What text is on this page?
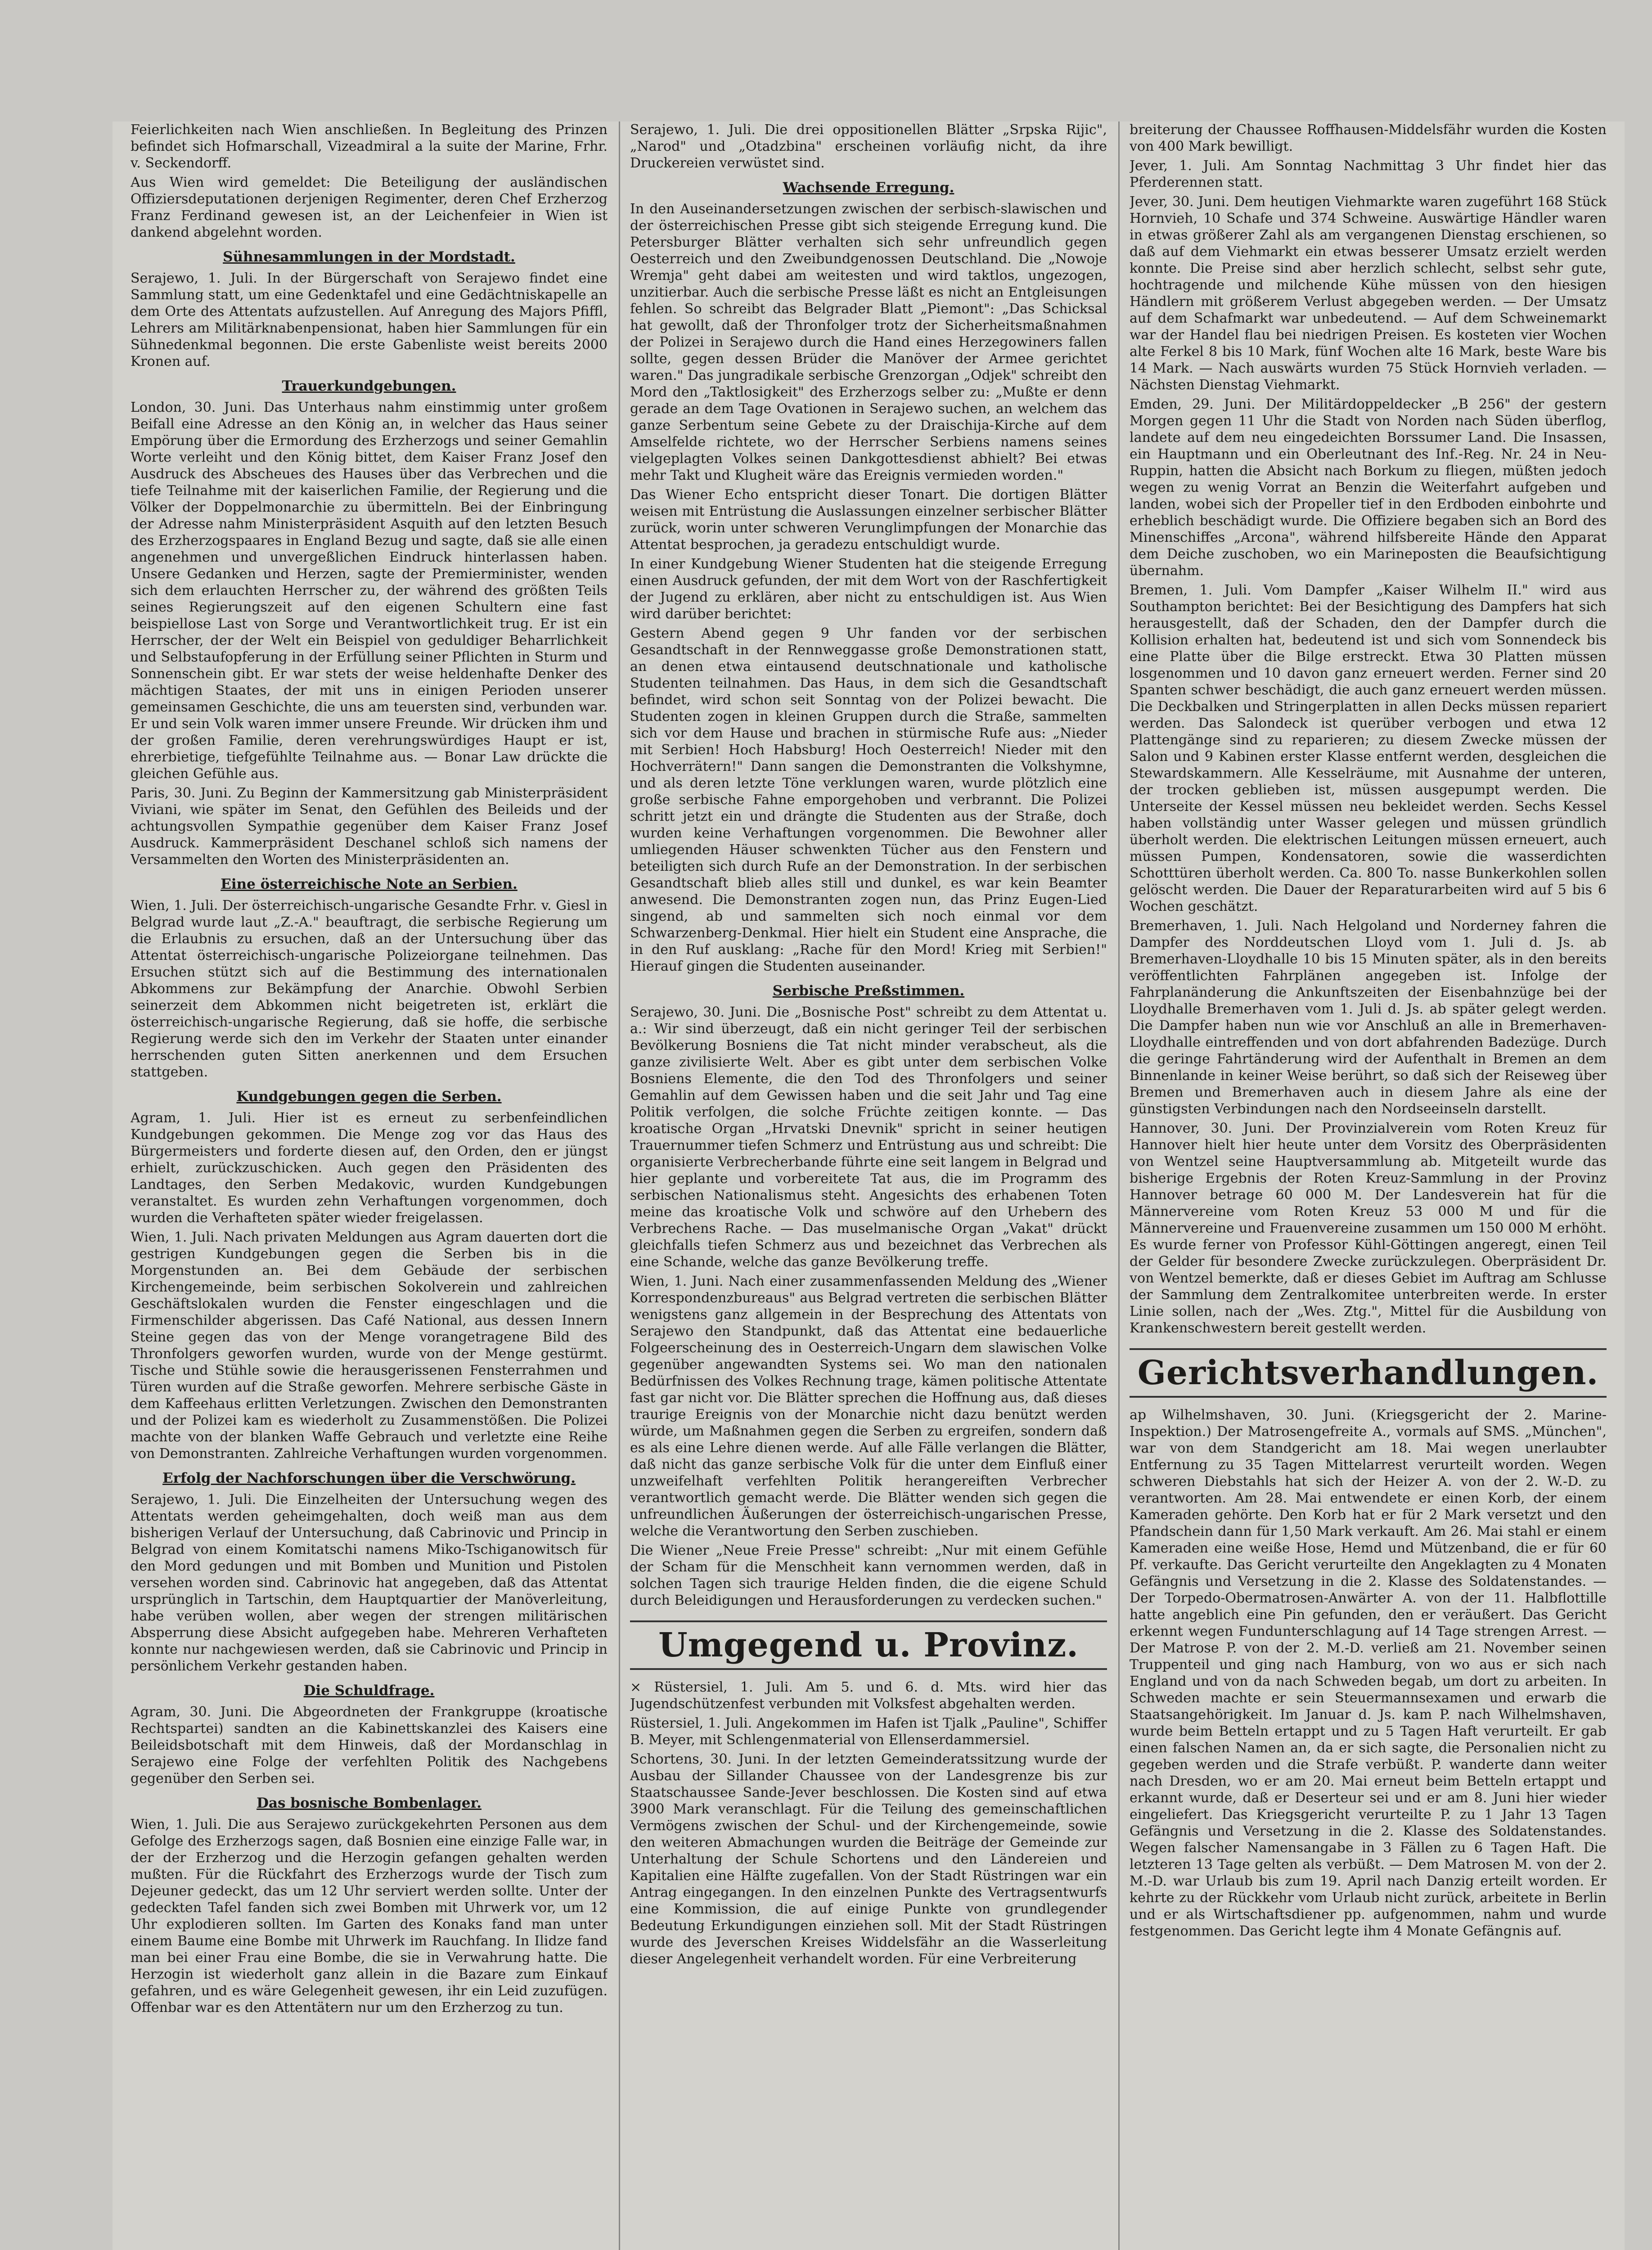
Feierlichkeiten nach Wien anschließen. In Begleitung des Prinzen befindet sich Hofmarschall, Vizeadmiral a la suite der Marine, Frhr. v. Seckendorff.

Aus Wien wird gemeldet: Die Beteiligung der ausländischen Offiziersdeputationen derjenigen Regimenter, deren Chef Erzherzog Franz Ferdinand gewesen ist, an der Leichenfeier in Wien ist dankend abgelehnt worden.

Sühnesammlungen in der Mordstadt.

Serajewo, 1. Juli. In der Bürgerschaft von Serajewo findet eine Sammlung statt, um eine Gedenktafel und eine Gedächtniskapelle an dem Orte des Attentats aufzustellen. Auf Anregung des Majors Pfiffl, Lehrers am Militärknabenpensionat, haben hier Sammlungen für ein Sühnedenkmal begonnen. Die erste Gabenliste weist bereits 2000 Kronen auf.

Trauerkundgebungen.

London, 30. Juni. Das Unterhaus nahm einstimmig unter großem Beifall eine Adresse an den König an, in welcher das Haus seiner Empörung über die Ermordung des Erzherzogs und seiner Gemahlin Worte verleiht und den König bittet, dem Kaiser Franz Josef den Ausdruck des Abscheues des Hauses über das Verbrechen und die tiefe Teilnahme mit der kaiserlichen Familie, der Regierung und die Völker der Doppelmonarchie zu übermitteln. Bei der Einbringung der Adresse nahm Ministerpräsident Asquith auf den letzten Besuch des Erzherzogspaares in England Bezug und sagte, daß sie alle einen angenehmen und unvergeßlichen Eindruck hinterlassen haben. Unsere Gedanken und Herzen, sagte der Premierminister, wenden sich dem erlauchten Herrscher zu, der während des größten Teils seines Regierungszeit auf den eigenen Schultern eine fast beispiellose Last von Sorge und Verantwortlichkeit trug. Er ist ein Herrscher, der der Welt ein Beispiel von geduldiger Beharrlichkeit und Selbstaufopferung in der Erfüllung seiner Pflichten in Sturm und Sonnenschein gibt. Er war stets der weise heldenhafte Denker des mächtigen Staates, der mit uns in einigen Perioden unserer gemeinsamen Geschichte, die uns am teuersten sind, verbunden war. Er und sein Volk waren immer unsere Freunde. Wir drücken ihm und der großen Familie, deren verehrungswürdiges Haupt er ist, ehrerbietige, tiefgefühlte Teilnahme aus. — Bonar Law drückte die gleichen Gefühle aus.

Paris, 30. Juni. Zu Beginn der Kammersitzung gab Ministerpräsident Viviani, wie später im Senat, den Gefühlen des Beileids und der achtungsvollen Sympathie gegenüber dem Kaiser Franz Josef Ausdruck. Kammerpräsident Deschanel schloß sich namens der Versammelten den Worten des Ministerpräsidenten an.

Eine österreichische Note an Serbien.

Wien, 1. Juli. Der österreichisch-ungarische Gesandte Frhr. v. Giesl in Belgrad wurde laut „Z.-A." beauftragt, die serbische Regierung um die Erlaubnis zu ersuchen, daß an der Untersuchung über das Attentat österreichisch-ungarische Polizeiorgane teilnehmen. Das Ersuchen stützt sich auf die Bestimmung des internationalen Abkommens zur Bekämpfung der Anarchie. Obwohl Serbien seinerzeit dem Abkommen nicht beigetreten ist, erklärt die österreichisch-ungarische Regierung, daß sie hoffe, die serbische Regierung werde sich den im Verkehr der Staaten unter einander herrschenden guten Sitten anerkennen und dem Ersuchen stattgeben.

Kundgebungen gegen die Serben.

Agram, 1. Juli. Hier ist es erneut zu serbenfeindlichen Kundgebungen gekommen. Die Menge zog vor das Haus des Bürgermeisters und forderte diesen auf, den Orden, den er jüngst erhielt, zurückzuschicken. Auch gegen den Präsidenten des Landtages, den Serben Medakovic, wurden Kundgebungen veranstaltet. Es wurden zehn Verhaftungen vorgenommen, doch wurden die Verhafteten später wieder freigelassen.

Wien, 1. Juli. Nach privaten Meldungen aus Agram dauerten dort die gestrigen Kundgebungen gegen die Serben bis in die Morgenstunden an. Bei dem Gebäude der serbischen Kirchengemeinde, beim serbischen Sokolverein und zahlreichen Geschäftslokalen wurden die Fenster eingeschlagen und die Firmenschilder abgerissen. Das Café National, aus dessen Innern Steine gegen das von der Menge vorangetragene Bild des Thronfolgers geworfen wurden, wurde von der Menge gestürmt. Tische und Stühle sowie die herausgerissenen Fensterrahmen und Türen wurden auf die Straße geworfen. Mehrere serbische Gäste in dem Kaffeehaus erlitten Verletzungen. Zwischen den Demonstranten und der Polizei kam es wiederholt zu Zusammenstößen. Die Polizei machte von der blanken Waffe Gebrauch und verletzte eine Reihe von Demonstranten. Zahlreiche Verhaftungen wurden vorgenommen.

Erfolg der Nachforschungen über die Verschwörung.

Serajewo, 1. Juli. Die Einzelheiten der Untersuchung wegen des Attentats werden geheimgehalten, doch weiß man aus dem bisherigen Verlauf der Untersuchung, daß Cabrinovic und Princip in Belgrad von einem Komitatschi namens Miko-Tschiganowitsch für den Mord gedungen und mit Bomben und Munition und Pistolen versehen worden sind. Cabrinovic hat angegeben, daß das Attentat ursprünglich in Tartschin, dem Hauptquartier der Manöverleitung, habe verüben wollen, aber wegen der strengen militärischen Absperrung diese Absicht aufgegeben habe. Mehreren Verhafteten konnte nur nachgewiesen werden, daß sie Cabrinovic und Princip in persönlichem Verkehr gestanden haben.

Die Schuldfrage.

Agram, 30. Juni. Die Abgeordneten der Frankgruppe (kroatische Rechtspartei) sandten an die Kabinettskanzlei des Kaisers eine Beileidsbotschaft mit dem Hinweis, daß der Mordanschlag in Serajewo eine Folge der verfehlten Politik des Nachgebens gegenüber den Serben sei.

Das bosnische Bombenlager.

Wien, 1. Juli. Die aus Serajewo zurückgekehrten Personen aus dem Gefolge des Erzherzogs sagen, daß Bosnien eine einzige Falle war, in der der Erzherzog und die Herzogin gefangen gehalten werden mußten. Für die Rückfahrt des Erzherzogs wurde der Tisch zum Dejeuner gedeckt, das um 12 Uhr serviert werden sollte. Unter der gedeckten Tafel fanden sich zwei Bomben mit Uhrwerk vor, um 12 Uhr explodieren sollten. Im Garten des Konaks fand man unter einem Baume eine Bombe mit Uhrwerk im Rauchfang. In Ilidze fand man bei einer Frau eine Bombe, die sie in Verwahrung hatte. Die Herzogin ist wiederholt ganz allein in die Bazare zum Einkauf gefahren, und es wäre Gelegenheit gewesen, ihr ein Leid zuzufügen. Offenbar war es den Attentätern nur um den Erzherzog zu tun.

Serajewo, 1. Juli. Die drei oppositionellen Blätter „Srpska Rijic", „Narod" und „Otadzbina" erscheinen vorläufig nicht, da ihre Druckereien verwüstet sind.

Wachsende Erregung.

In den Auseinandersetzungen zwischen der serbisch-slawischen und der österreichischen Presse gibt sich steigende Erregung kund. Die Petersburger Blätter verhalten sich sehr unfreundlich gegen Oesterreich und den Zweibundgenossen Deutschland. Die „Nowoje Wremja" geht dabei am weitesten und wird taktlos, ungezogen, unzitierbar. Auch die serbische Presse läßt es nicht an Entgleisungen fehlen. So schreibt das Belgrader Blatt „Piemont": „Das Schicksal hat gewollt, daß der Thronfolger trotz der Sicherheitsmaßnahmen der Polizei in Serajewo durch die Hand eines Herzegowiners fallen sollte, gegen dessen Brüder die Manöver der Armee gerichtet waren." Das jungradikale serbische Grenzorgan „Odjek" schreibt den Mord den „Taktlosigkeit" des Erzherzogs selber zu: „Mußte er denn gerade an dem Tage Ovationen in Serajewo suchen, an welchem das ganze Serbentum seine Gebete zu der Draischija-Kirche auf dem Amselfelde richtete, wo der Herrscher Serbiens namens seines vielgeplagten Volkes seinen Dankgottesdienst abhielt? Bei etwas mehr Takt und Klugheit wäre das Ereignis vermieden worden."

Das Wiener Echo entspricht dieser Tonart. Die dortigen Blätter weisen mit Entrüstung die Auslassungen einzelner serbischer Blätter zurück, worin unter schweren Verunglimpfungen der Monarchie das Attentat besprochen, ja geradezu entschuldigt wurde.

In einer Kundgebung Wiener Studenten hat die steigende Erregung einen Ausdruck gefunden, der mit dem Wort von der Raschfertigkeit der Jugend zu erklären, aber nicht zu entschuldigen ist. Aus Wien wird darüber berichtet:

Gestern Abend gegen 9 Uhr fanden vor der serbischen Gesandtschaft in der Rennweggasse große Demonstrationen statt, an denen etwa eintausend deutschnationale und katholische Studenten teilnahmen. Das Haus, in dem sich die Gesandtschaft befindet, wird schon seit Sonntag von der Polizei bewacht. Die Studenten zogen in kleinen Gruppen durch die Straße, sammelten sich vor dem Hause und brachen in stürmische Rufe aus: „Nieder mit Serbien! Hoch Habsburg! Hoch Oesterreich! Nieder mit den Hochverrätern!" Dann sangen die Demonstranten die Volkshymne, und als deren letzte Töne verklungen waren, wurde plötzlich eine große serbische Fahne emporgehoben und verbrannt. Die Polizei schritt jetzt ein und drängte die Studenten aus der Straße, doch wurden keine Verhaftungen vorgenommen. Die Bewohner aller umliegenden Häuser schwenkten Tücher aus den Fenstern und beteiligten sich durch Rufe an der Demonstration. In der serbischen Gesandtschaft blieb alles still und dunkel, es war kein Beamter anwesend. Die Demonstranten zogen nun, das Prinz Eugen-Lied singend, ab und sammelten sich noch einmal vor dem Schwarzenberg-Denkmal. Hier hielt ein Student eine Ansprache, die in den Ruf ausklang: „Rache für den Mord! Krieg mit Serbien!" Hierauf gingen die Studenten auseinander.

Serbische Preßstimmen.

Serajewo, 30. Juni. Die „Bosnische Post" schreibt zu dem Attentat u. a.: Wir sind überzeugt, daß ein nicht geringer Teil der serbischen Bevölkerung Bosniens die Tat nicht minder verabscheut, als die ganze zivilisierte Welt. Aber es gibt unter dem serbischen Volke Bosniens Elemente, die den Tod des Thronfolgers und seiner Gemahlin auf dem Gewissen haben und die seit Jahr und Tag eine Politik verfolgen, die solche Früchte zeitigen konnte. — Das kroatische Organ „Hrvatski Dnevnik" spricht in seiner heutigen Trauernummer tiefen Schmerz und Entrüstung aus und schreibt: Die organisierte Verbrecherbande führte eine seit langem in Belgrad und hier geplante und vorbereitete Tat aus, die im Programm des serbischen Nationalismus steht. Angesichts des erhabenen Toten meine das kroatische Volk und schwöre auf den Urhebern des Verbrechens Rache. — Das muselmanische Organ „Vakat" drückt gleichfalls tiefen Schmerz aus und bezeichnet das Verbrechen als eine Schande, welche das ganze Bevölkerung treffe.

Wien, 1. Juni. Nach einer zusammenfassenden Meldung des „Wiener Korrespondenzbureaus" aus Belgrad vertreten die serbischen Blätter wenigstens ganz allgemein in der Besprechung des Attentats von Serajewo den Standpunkt, daß das Attentat eine bedauerliche Folgeerscheinung des in Oesterreich-Ungarn dem slawischen Volke gegenüber angewandten Systems sei. Wo man den nationalen Bedürfnissen des Volkes Rechnung trage, kämen politische Attentate fast gar nicht vor. Die Blätter sprechen die Hoffnung aus, daß dieses traurige Ereignis von der Monarchie nicht dazu benützt werden würde, um Maßnahmen gegen die Serben zu ergreifen, sondern daß es als eine Lehre dienen werde. Auf alle Fälle verlangen die Blätter, daß nicht das ganze serbische Volk für die unter dem Einfluß einer unzweifelhaft verfehlten Politik herangereiften Verbrecher verantwortlich gemacht werde. Die Blätter wenden sich gegen die unfreundlichen Äußerungen der österreichisch-ungarischen Presse, welche die Verantwortung den Serben zuschieben.

Die Wiener „Neue Freie Presse" schreibt: „Nur mit einem Gefühle der Scham für die Menschheit kann vernommen werden, daß in solchen Tagen sich traurige Helden finden, die die eigene Schuld durch Beleidigungen und Herausforderungen zu verdecken suchen."

Umgegend u. Provinz.

× Rüstersiel, 1. Juli. Am 5. und 6. d. Mts. wird hier das Jugendschützenfest verbunden mit Volksfest abgehalten werden.

Rüstersiel, 1. Juli. Angekommen im Hafen ist Tjalk „Pauline", Schiffer B. Meyer, mit Schlengenmaterial von Ellenserdammersiel.

Schortens, 30. Juni. In der letzten Gemeinderatssitzung wurde der Ausbau der Sillander Chaussee von der Landesgrenze bis zur Staatschaussee Sande-Jever beschlossen. Die Kosten sind auf etwa 3900 Mark veranschlagt. Für die Teilung des gemeinschaftlichen Vermögens zwischen der Schul- und der Kirchengemeinde, sowie den weiteren Abmachungen wurden die Beiträge der Gemeinde zur Unterhaltung der Schule Schortens und den Ländereien und Kapitalien eine Hälfte zugefallen. Von der Stadt Rüstringen war ein Antrag eingegangen. In den einzelnen Punkte des Vertragsentwurfs eine Kommission, die auf einige Punkte von grundlegender Bedeutung Erkundigungen einziehen soll. Mit der Stadt Rüstringen wurde des Jeverschen Kreises Widdelsfähr an die Wasserleitung dieser Angelegenheit verhandelt worden. Für eine Verbreiterung

breiterung der Chaussee Roffhausen-Middelsfähr wurden die Kosten von 400 Mark bewilligt.

Jever, 1. Juli. Am Sonntag Nachmittag 3 Uhr findet hier das Pferderennen statt.

Jever, 30. Juni. Dem heutigen Viehmarkte waren zugeführt 168 Stück Hornvieh, 10 Schafe und 374 Schweine. Auswärtige Händler waren in etwas größerer Zahl als am vergangenen Dienstag erschienen, so daß auf dem Viehmarkt ein etwas besserer Umsatz erzielt werden konnte. Die Preise sind aber herzlich schlecht, selbst sehr gute, hochtragende und milchende Kühe müssen von den hiesigen Händlern mit größerem Verlust abgegeben werden. — Der Umsatz auf dem Schafmarkt war unbedeutend. — Auf dem Schweinemarkt war der Handel flau bei niedrigen Preisen. Es kosteten vier Wochen alte Ferkel 8 bis 10 Mark, fünf Wochen alte 16 Mark, beste Ware bis 14 Mark. — Nach auswärts wurden 75 Stück Hornvieh verladen. — Nächsten Dienstag Viehmarkt.

Emden, 29. Juni. Der Militärdoppeldecker „B 256" der gestern Morgen gegen 11 Uhr die Stadt von Norden nach Süden überflog, landete auf dem neu eingedeichten Borssumer Land. Die Insassen, ein Hauptmann und ein Oberleutnant des Inf.-Reg. Nr. 24 in Neu-Ruppin, hatten die Absicht nach Borkum zu fliegen, müßten jedoch wegen zu wenig Vorrat an Benzin die Weiterfahrt aufgeben und landen, wobei sich der Propeller tief in den Erdboden einbohrte und erheblich beschädigt wurde. Die Offiziere begaben sich an Bord des Minenschiffes „Arcona", während hilfsbereite Hände den Apparat dem Deiche zuschoben, wo ein Marineposten die Beaufsichtigung übernahm.

Bremen, 1. Juli. Vom Dampfer „Kaiser Wilhelm II." wird aus Southampton berichtet: Bei der Besichtigung des Dampfers hat sich herausgestellt, daß der Schaden, den der Dampfer durch die Kollision erhalten hat, bedeutend ist und sich vom Sonnendeck bis eine Platte über die Bilge erstreckt. Etwa 30 Platten müssen losgenommen und 10 davon ganz erneuert werden. Ferner sind 20 Spanten schwer beschädigt, die auch ganz erneuert werden müssen. Die Deckbalken und Stringerplatten in allen Decks müssen repariert werden. Das Salondeck ist querüber verbogen und etwa 12 Plattengänge sind zu reparieren; zu diesem Zwecke müssen der Salon und 9 Kabinen erster Klasse entfernt werden, desgleichen die Stewardskammern. Alle Kesselräume, mit Ausnahme der unteren, der trocken geblieben ist, müssen ausgepumpt werden. Die Unterseite der Kessel müssen neu bekleidet werden. Sechs Kessel haben vollständig unter Wasser gelegen und müssen gründlich überholt werden. Die elektrischen Leitungen müssen erneuert, auch müssen Pumpen, Kondensatoren, sowie die wasserdichten Schotttüren überholt werden. Ca. 800 To. nasse Bunkerkohlen sollen gelöscht werden. Die Dauer der Reparaturarbeiten wird auf 5 bis 6 Wochen geschätzt.

Bremerhaven, 1. Juli. Nach Helgoland und Norderney fahren die Dampfer des Norddeutschen Lloyd vom 1. Juli d. Js. ab Bremerhaven-Lloydhalle 10 bis 15 Minuten später, als in den bereits veröffentlichten Fahrplänen angegeben ist. Infolge der Fahrplanänderung die Ankunftszeiten der Eisenbahnzüge bei der Lloydhalle Bremerhaven vom 1. Juli d. Js. ab später gelegt werden. Die Dampfer haben nun wie vor Anschluß an alle in Bremerhaven-Lloydhalle eintreffenden und von dort abfahrenden Badezüge. Durch die geringe Fahrtänderung wird der Aufenthalt in Bremen an dem Binnenlande in keiner Weise berührt, so daß sich der Reiseweg über Bremen und Bremerhaven auch in diesem Jahre als eine der günstigsten Verbindungen nach den Nordseeinseln darstellt.

Hannover, 30. Juni. Der Provinzialverein vom Roten Kreuz für Hannover hielt hier heute unter dem Vorsitz des Oberpräsidenten von Wentzel seine Hauptversammlung ab. Mitgeteilt wurde das bisherige Ergebnis der Roten Kreuz-Sammlung in der Provinz Hannover betrage 60 000 M. Der Landesverein hat für die Männervereine vom Roten Kreuz 53 000 M und für die Männervereine und Frauenvereine zusammen um 150 000 M erhöht. Es wurde ferner von Professor Kühl-Göttingen angeregt, einen Teil der Gelder für besondere Zwecke zurückzulegen. Oberpräsident Dr. von Wentzel bemerkte, daß er dieses Gebiet im Auftrag am Schlusse der Sammlung dem Zentralkomitee unterbreiten werde. In erster Linie sollen, nach der „Wes. Ztg.", Mittel für die Ausbildung von Krankenschwestern bereit gestellt werden.

Gerichtsverhandlungen.

ap Wilhelmshaven, 30. Juni. (Kriegsgericht der 2. Marine-Inspektion.) Der Matrosengefreite A., vormals auf SMS. „München", war von dem Standgericht am 18. Mai wegen unerlaubter Entfernung zu 35 Tagen Mittelarrest verurteilt worden. Wegen schweren Diebstahls hat sich der Heizer A. von der 2. W.-D. zu verantworten. Am 28. Mai entwendete er einen Korb, der einem Kameraden gehörte. Den Korb hat er für 2 Mark versetzt und den Pfandschein dann für 1,50 Mark verkauft. Am 26. Mai stahl er einem Kameraden eine weiße Hose, Hemd und Mützenband, die er für 60 Pf. verkaufte. Das Gericht verurteilte den Angeklagten zu 4 Monaten Gefängnis und Versetzung in die 2. Klasse des Soldatenstandes. — Der Torpedo-Obermatrosen-Anwärter A. von der 11. Halbflottille hatte angeblich eine Pin gefunden, den er veräußert. Das Gericht erkennt wegen Fundunterschlagung auf 14 Tage strengen Arrest. — Der Matrose P. von der 2. M.-D. verließ am 21. November seinen Truppenteil und ging nach Hamburg, von wo aus er sich nach England und von da nach Schweden begab, um dort zu arbeiten. In Schweden machte er sein Steuermannsexamen und erwarb die Staatsangehörigkeit. Im Januar d. Js. kam P. nach Wilhelmshaven, wurde beim Betteln ertappt und zu 5 Tagen Haft verurteilt. Er gab einen falschen Namen an, da er sich sagte, die Personalien nicht zu gegeben werden und die Strafe verbüßt. P. wanderte dann weiter nach Dresden, wo er am 20. Mai erneut beim Betteln ertappt und erkannt wurde, daß er Deserteur sei und er am 8. Juni hier wieder eingeliefert. Das Kriegsgericht verurteilte P. zu 1 Jahr 13 Tagen Gefängnis und Versetzung in die 2. Klasse des Soldatenstandes. Wegen falscher Namensangabe in 3 Fällen zu 6 Tagen Haft. Die letzteren 13 Tage gelten als verbüßt. — Dem Matrosen M. von der 2. M.-D. war Urlaub bis zum 19. April nach Danzig erteilt worden. Er kehrte zu der Rückkehr vom Urlaub nicht zurück, arbeitete in Berlin und er als Wirtschaftsdiener pp. aufgenommen, nahm und wurde festgenommen. Das Gericht legte ihm 4 Monate Gefängnis auf.
